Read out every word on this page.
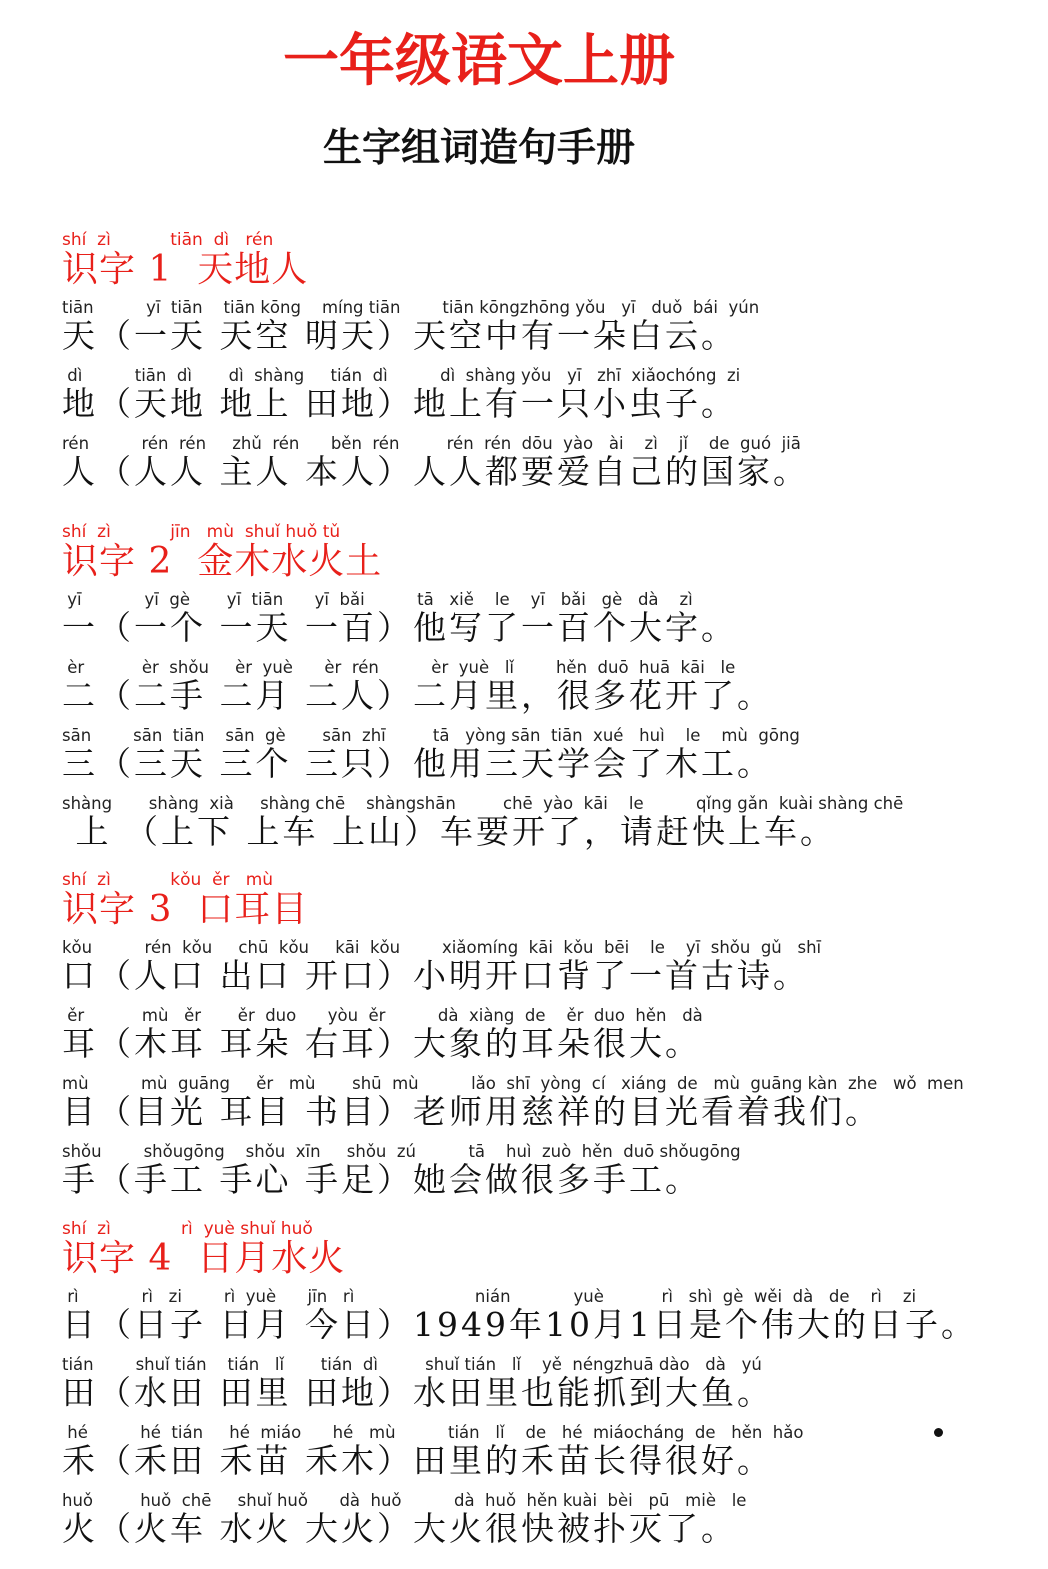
一年级语文上册
生字组词造句手册
shí  zì           tiān  dì   rén
识字 1  天地人
tiān          yī  tiān    tiān kōng    míng tiān        tiān kōngzhōng yǒu   yī   duǒ  bái  yún
天（一天 天空 明天）天空中有一朵白云。
dì          tiān  dì       dì  shàng     tián  dì          dì  shàng yǒu   yī   zhī  xiǎochóng  zi
地（天地 地上 田地）地上有一只小虫子。
rén          rén  rén     zhǔ  rén      běn  rén         rén  rén  dōu  yào   ài    zì    jǐ    de  guó  jiā
人（人人 主人 本人）人人都要爱自己的国家。
shí  zì           jīn   mù  shuǐ huǒ tǔ
识字 2  金木水火土
yī            yī  gè       yī  tiān      yī  bǎi          tā   xiě    le    yī   bǎi   gè   dà    zì
一（一个 一天 一百）他写了一百个大字。
èr           èr  shǒu     èr  yuè      èr  rén          èr  yuè   lǐ        hěn  duō  huā  kāi   le
二（二手 二月 二人）二月里，很多花开了。
sān        sān  tiān    sān  gè       sān  zhī         tā   yòng sān  tiān  xué   huì    le    mù  gōng
三（三天 三个 三只）他用三天学会了木工。
shàng       shàng  xià     shàng chē    shàngshān         chē  yào  kāi    le          qǐng gǎn  kuài shàng chē
上 （上下 上车 上山）车要开了，请赶快上车。
shí  zì           kǒu  ěr   mù
识字 3  口耳目
kǒu          rén  kǒu     chū  kǒu     kāi  kǒu        xiǎomíng  kāi  kǒu  bēi    le    yī  shǒu  gǔ   shī
口（人口 出口 开口）小明开口背了一首古诗。
ěr           mù   ěr       ěr  duo      yòu  ěr          dà  xiàng  de    ěr  duo  hěn   dà
耳（木耳 耳朵 右耳）大象的耳朵很大。
mù          mù  guāng     ěr   mù       shū  mù          lǎo  shī  yòng  cí   xiáng  de   mù  guāng kàn  zhe   wǒ  men
目（目光 耳目 书目）老师用慈祥的目光看着我们。
shǒu        shǒugōng    shǒu  xīn     shǒu  zú          tā    huì  zuò  hěn  duō shǒugōng
手（手工 手心 手足）她会做很多手工。
shí  zì             rì  yuè shuǐ huǒ
识字 4  日月水火
rì            rì   zi        rì  yuè      jīn   rì                       nián            yuè           rì   shì  gè  wěi  dà   de    rì    zi
日（日子 日月 今日）1949年10月1日是个伟大的日子。
tián        shuǐ tián    tián   lǐ       tián  dì         shuǐ tián   lǐ    yě  néngzhuā dào   dà   yú
田（水田 田里 田地）水田里也能抓到大鱼。
hé          hé  tián     hé  miáo      hé   mù          tián   lǐ    de   hé  miáocháng  de   hěn  hǎo
禾（禾田 禾苗 禾木）田里的禾苗长得很好。
huǒ         huǒ  chē     shuǐ huǒ      dà  huǒ          dà  huǒ  hěn kuài  bèi   pū   miè   le
火（火车 水火 大火）大火很快被扑灭了。
